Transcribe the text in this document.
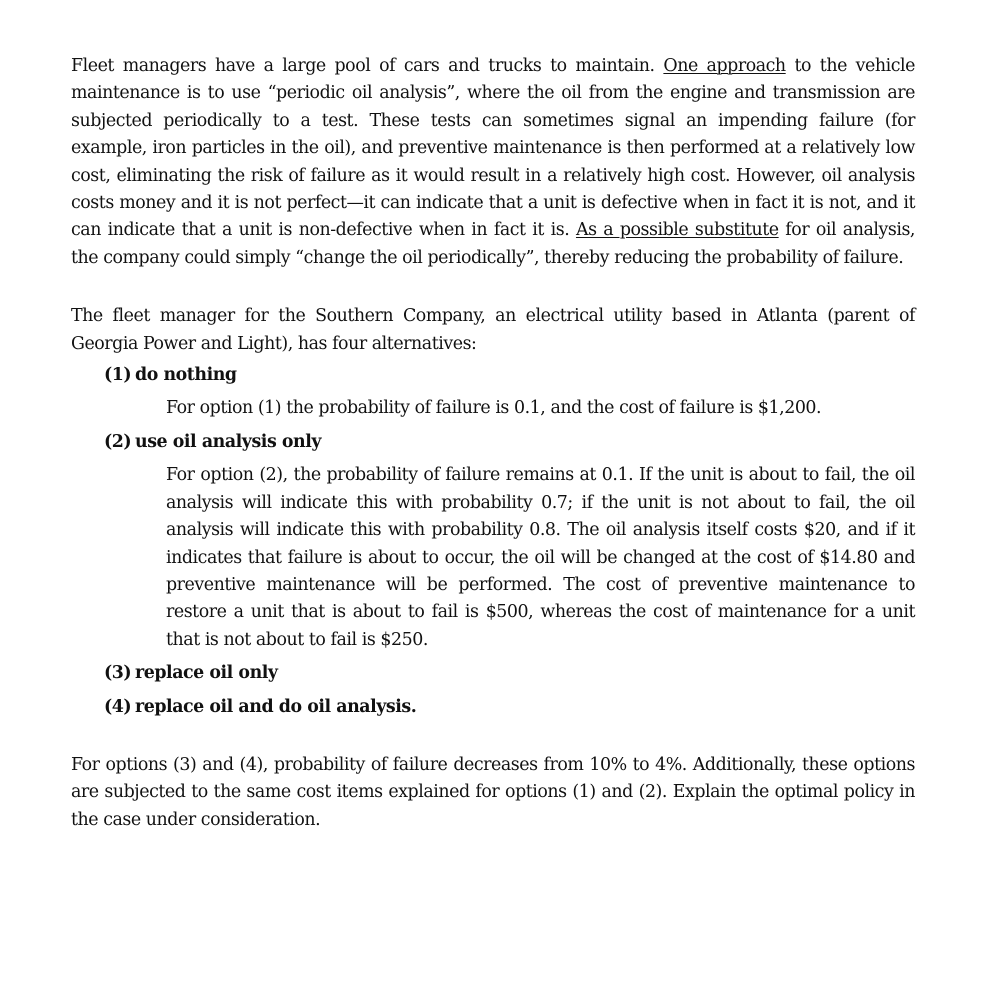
Fleet managers have a large pool of cars and trucks to maintain. One approach to the vehicle maintenance is to use “periodic oil analysis”, where the oil from the engine and transmission are subjected periodically to a test. These tests can sometimes signal an impending failure (for example, iron particles in the oil), and preventive maintenance is then performed at a relatively low cost, eliminating the risk of failure as it would result in a relatively high cost. However, oil analysis costs money and it is not perfect—it can indicate that a unit is defective when in fact it is not, and it can indicate that a unit is non-defective when in fact it is. As a possible substitute for oil analysis, the company could simply “change the oil periodically”, thereby reducing the probability of failure.

The fleet manager for the Southern Company, an electrical utility based in Atlanta (parent of Georgia Power and Light), has four alternatives:

(1) do nothing

For option (1) the probability of failure is 0.1, and the cost of failure is $1,200.

(2) use oil analysis only

For option (2), the probability of failure remains at 0.1. If the unit is about to fail, the oil analysis will indicate this with probability 0.7; if the unit is not about to fail, the oil analysis will indicate this with probability 0.8. The oil analysis itself costs $20, and if it indicates that failure is about to occur, the oil will be changed at the cost of $14.80 and preventive maintenance will be performed. The cost of preventive maintenance to restore a unit that is about to fail is $500, whereas the cost of maintenance for a unit that is not about to fail is $250.

(3) replace oil only
(4) replace oil and do oil analysis.

For options (3) and (4), probability of failure decreases from 10% to 4%. Additionally, these options are subjected to the same cost items explained for options (1) and (2). Explain the optimal policy in the case under consideration.
